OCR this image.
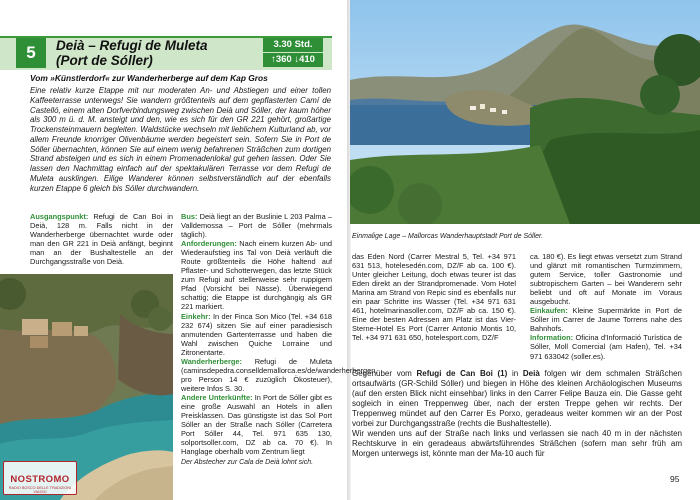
5	Deià – Refugi de Muleta
(Port de Sóller)
3.30 Std.
↑360 ↓410
Vom »Künstlerdorf« zur Wanderherberge auf dem Kap Gros

Eine relativ kurze Etappe mit nur moderaten An- und Abstiegen und einer tollen Kaffeeterrasse unterwegs! Sie wandern größtenteils auf dem gepflasterten Camí de Castelló, einem alten Dorfverbindungsweg zwischen Deià und Sóller, der kaum höher als 300 m ü. d. M. ansteigt und den, wie es sich für den GR 221 gehört, großartige Trockensteinmauern begleiten. Waldstücke wechseln mit lieblichem Kulturland ab, vor allem Freunde knorriger Olivenbäume werden begeistert sein. Sofern Sie in Port de Sóller übernachten, können Sie auf einem wenig befahrenen Sträßchen zum dortigen Strand absteigen und es sich in einem Promenadenlokal gut gehen lassen. Oder Sie lassen den Nachmittag einfach auf der spektakulären Terrasse vor dem Refugi de Muleta ausklingen. Eilige Wanderer können selbstverständlich auf der ebenfalls kurzen Etappe 6 gleich bis Sóller durchwandern.

Ausgangspunkt: Refugi de Can Boi in Deià, 128 m. Falls nicht in der Wanderherberge übernachtet wurde oder man den GR 221 in Deià anfängt, beginnt man an der Bushaltestelle an der Durchgangsstraße von Deià.
Bus: Deià liegt an der Buslinie L 203 Palma – Valldemossa – Port de Sóller (mehrmals täglich).
Anforderungen: Nach einem kurzen Ab- und Wiederaufstieg ins Tal von Deià verläuft die Route größtenteils die Höhe haltend auf Pflaster- und Schotterwegen, das letzte Stück zum Refugi auf stellenweise sehr ruppigem Pfad (Vorsicht bei Nässe). Überwiegend schattig; die Etappe ist durchgängig als GR 221 markiert.
Einkehr: In der Finca Son Mico (Tel. +34 618 232 674) sitzen Sie auf einer paradiesisch anmutenden Gartenterrasse und haben die Wahl zwischen Quiche Lorraine und Zitronentarte.
Wanderherberge: Refugi de Muleta (caminsdepedra.conselldemallorca.es/de/wanderherbergen, pro Person 14 € zuzüglich Ökosteuer), weitere Infos S. 30.
Andere Unterkünfte: In Port de Sóller gibt es eine große Auswahl an Hotels in allen Preisklassen. Das günstigste ist das Sol Port Sóller an der Straße nach Sóller (Carretera Port Sóller 44, Tel. 971 635 130, solportsoller.com, DZ ab ca. 70 €). In Hanglage oberhalb vom Zentrum liegt
NOSTROMO
RADIO BOSCO DELLE TRADIZIONI VIAGGI
Der Abstecher zur Cala de Deià lohnt sich.
Einmalige Lage – Mallorcas Wanderhauptstadt Port de Sóller.
das Eden Nord (Carrer Mestral 5, Tel. +34 971 631 513, hotelesedén.com, DZ/F ab ca. 100 €). Unter gleicher Leitung, doch etwas teurer ist das Eden direkt an der Strandpromenade. Vom Hotel Marina am Strand von Repic sind es ebenfalls nur ein paar Schritte ins Wasser (Tel. +34 971 631 461, hotelmarinasoller.com, DZ/F ab ca. 150 €). Eine der besten Adressen am Platz ist das Vier-Sterne-Hotel Es Port (Carrer Antonio Montis 10, Tel. +34 971 631 650, hotelesport.com, DZ/F
ca. 180 €). Es liegt etwas versetzt zum Strand und glänzt mit romantischen Turmzimmern, gutem Service, toller Gastronomie und subtropischem Garten – bei Wanderern sehr beliebt und oft auf Monate im Voraus ausgebucht.
Einkaufen: Kleine Supermärkte in Port de Sóller im Carrer de Jaume Torrens nahe des Bahnhofs.
Information: Oficina d'Informació Turística de Sóller, Moll Comercial (am Hafen), Tel. +34 971 633042 (soller.es).

Gegenüber vom Refugi de Can Boi (1) in Deià folgen wir dem schmalen Sträßchen ortsaufwärts (GR-Schild Sóller) und biegen in Höhe des kleinen Archäologischen Museums (auf den ersten Blick nicht einsehbar) links in den Carrer Felipe Bauza ein. Die Gasse geht sogleich in einen Treppenweg über, nach der ersten Treppe gehen wir rechts. Der Treppenweg mündet auf den Carrer Es Porxo, geradeaus weiter kommen wir an der Post vorbei zur Durchgangsstraße (rechts die Bushaltestelle).

Wir wenden uns auf der Straße nach links und verlassen sie nach 40 m in der nächsten Rechtskurve in ein geradeaus abwärtsführendes Sträßchen (sofern man sehr früh am Morgen unterwegs ist, könnte man der Ma-10 auch für

95
